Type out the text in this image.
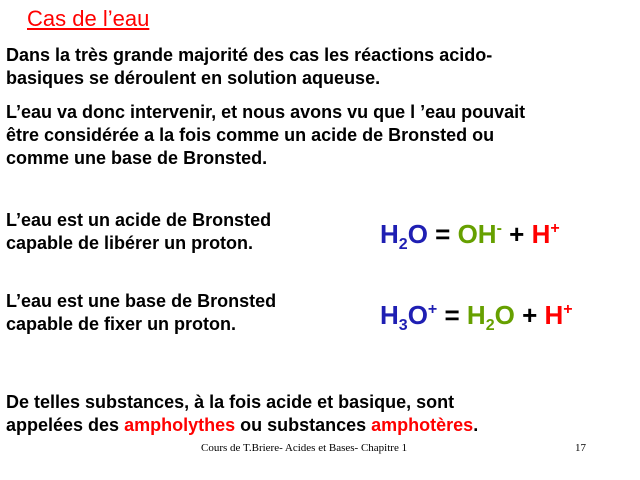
Cas de l’eau
Dans la très grande majorité des cas les réactions acido-
basiques se déroulent en solution aqueuse.
L’eau va donc intervenir, et nous avons vu que l ’eau pouvait
être considérée a la fois comme un acide de Bronsted ou
comme une base de Bronsted.
L’eau est un acide de Bronsted
capable de libérer un proton.	$H_2O = OH^- + H^+$
L’eau est une base de Bronsted
capable de fixer un proton.	$H_3O^+ = H_2O + H^+$
De telles substances, à la fois acide et basique, sont
appelées des ampholythes ou substances amphotères.
Cours de T.Briere- Acides et Bases- Chapitre 1	17
